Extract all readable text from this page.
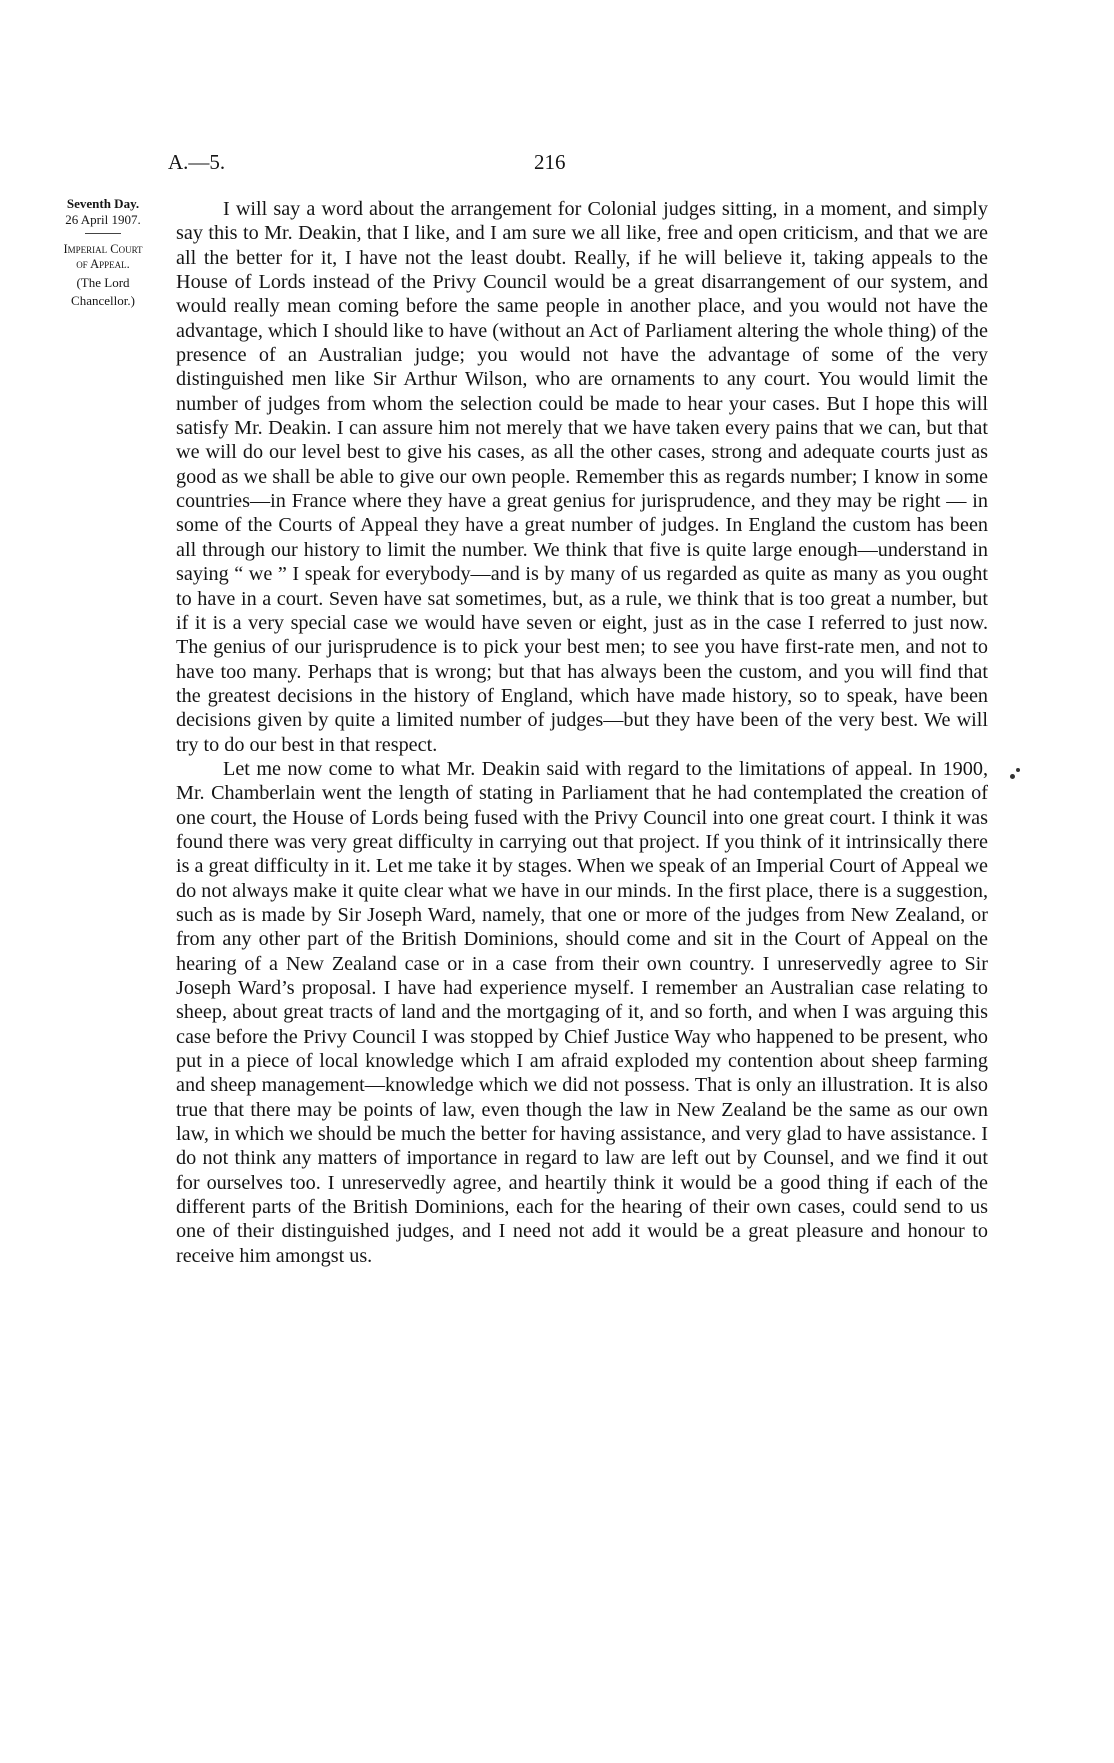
A.—5.	216
Seventh Day.
26 April 1907.
Imperial Court
of Appeal.
(The Lord
Chancellor.)

I will say a word about the arrangement for Colonial judges sitting, in a moment, and simply say this to Mr. Deakin, that I like, and I am sure we all like, free and open criticism, and that we are all the better for it, I have not the least doubt. Really, if he will believe it, taking appeals to the House of Lords instead of the Privy Council would be a great disarrangement of our system, and would really mean coming before the same people in another place, and you would not have the advantage, which I should like to have (without an Act of Parliament altering the whole thing) of the presence of an Australian judge; you would not have the advantage of some of the very distinguished men like Sir Arthur Wilson, who are ornaments to any court. You would limit the number of judges from whom the selection could be made to hear your cases. But I hope this will satisfy Mr. Deakin. I can assure him not merely that we have taken every pains that we can, but that we will do our level best to give his cases, as all the other cases, strong and adequate courts just as good as we shall be able to give our own people. Remember this as regards number; I know in some countries—in France where they have a great genius for jurisprudence, and they may be right — in some of the Courts of Appeal they have a great number of judges. In England the custom has been all through our history to limit the number. We think that five is quite large enough—understand in saying “ we ” I speak for everybody—and is by many of us regarded as quite as many as you ought to have in a court. Seven have sat sometimes, but, as a rule, we think that is too great a number, but if it is a very special case we would have seven or eight, just as in the case I referred to just now. The genius of our jurisprudence is to pick your best men; to see you have first-rate men, and not to have too many. Perhaps that is wrong; but that has always been the custom, and you will find that the greatest decisions in the history of England, which have made history, so to speak, have been decisions given by quite a limited number of judges—but they have been of the very best. We will try to do our best in that respect.

Let me now come to what Mr. Deakin said with regard to the limitations of appeal. In 1900, Mr. Chamberlain went the length of stating in Parliament that he had contemplated the creation of one court, the House of Lords being fused with the Privy Council into one great court. I think it was found there was very great difficulty in carrying out that project. If you think of it intrinsically there is a great difficulty in it. Let me take it by stages. When we speak of an Imperial Court of Appeal we do not always make it quite clear what we have in our minds. In the first place, there is a suggestion, such as is made by Sir Joseph Ward, namely, that one or more of the judges from New Zealand, or from any other part of the British Dominions, should come and sit in the Court of Appeal on the hearing of a New Zealand case or in a case from their own country. I unreservedly agree to Sir Joseph Ward’s proposal. I have had experience myself. I remember an Australian case relating to sheep, about great tracts of land and the mortgaging of it, and so forth, and when I was arguing this case before the Privy Council I was stopped by Chief Justice Way who happened to be present, who put in a piece of local knowledge which I am afraid exploded my contention about sheep farming and sheep management—knowledge which we did not possess. That is only an illustration. It is also true that there may be points of law, even though the law in New Zealand be the same as our own law, in which we should be much the better for having assistance, and very glad to have assistance. I do not think any matters of importance in regard to law are left out by Counsel, and we find it out for ourselves too. I unreservedly agree, and heartily think it would be a good thing if each of the different parts of the British Dominions, each for the hearing of their own cases, could send to us one of their distinguished judges, and I need not add it would be a great pleasure and honour to receive him amongst us.
